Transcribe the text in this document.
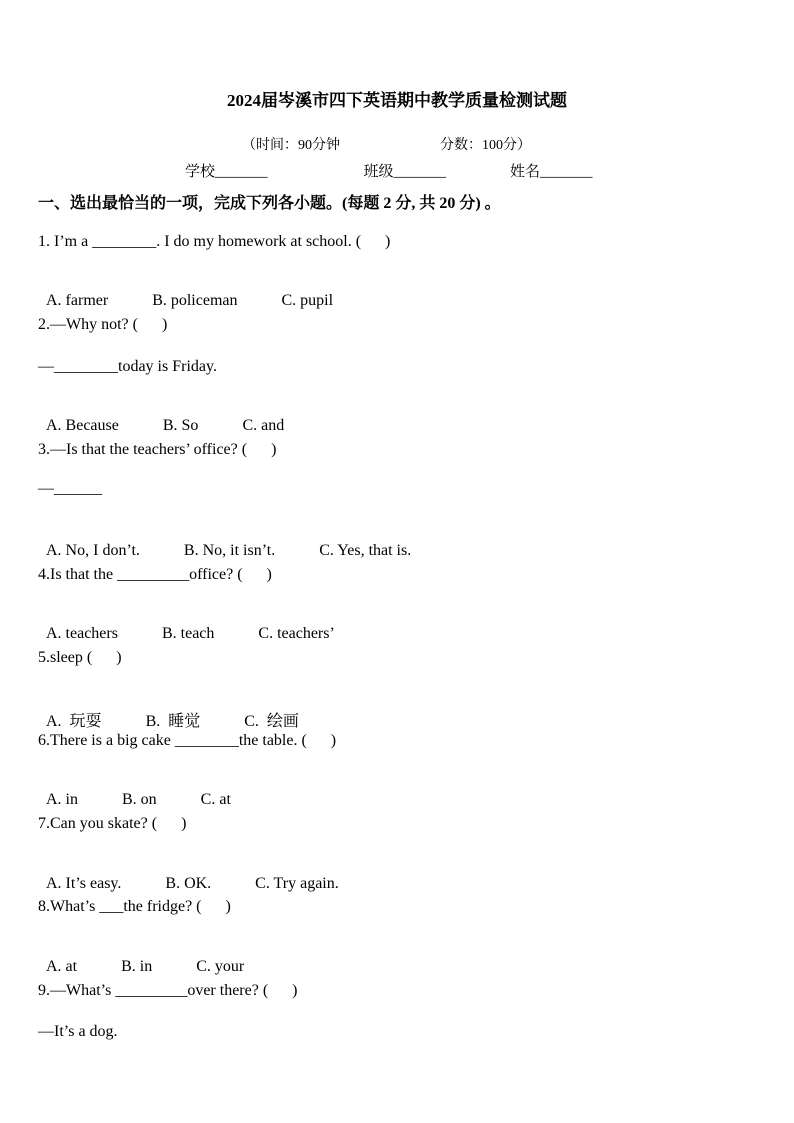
2024届岑溪市四下英语期中教学质量检测试题

（时间：90分钟	分数：100分）

学校_______	班级_______	姓名_______
一、选出最恰当的一项，完成下列各小题。(每题 2 分, 共 20 分) 。
1. I’m a ________. I do my homework at school. (      )

A. farmer	B. policeman	C. pupil

2.—Why not? (      )
—________today is Friday.

A. Because	B. So	C. and

3.—Is that the teachers’ office? (      )
—______

A. No, I don’t.	B. No, it isn’t.	C. Yes, that is.

4.Is that the _________office? (      )

A. teachers	B. teach	C. teachers’

5.sleep (      )

A.  玩耍	B.  睡觉	C.  绘画

6.There is a big cake ________the table. (      )

A. in	B. on	C. at

7.Can you skate? (      )

A. It’s easy.	B. OK.	C. Try again.

8.What’s ___the fridge? (      )

A. at	B. in	C. your

9.—What’s _________over there? (      )
—It’s a dog.
